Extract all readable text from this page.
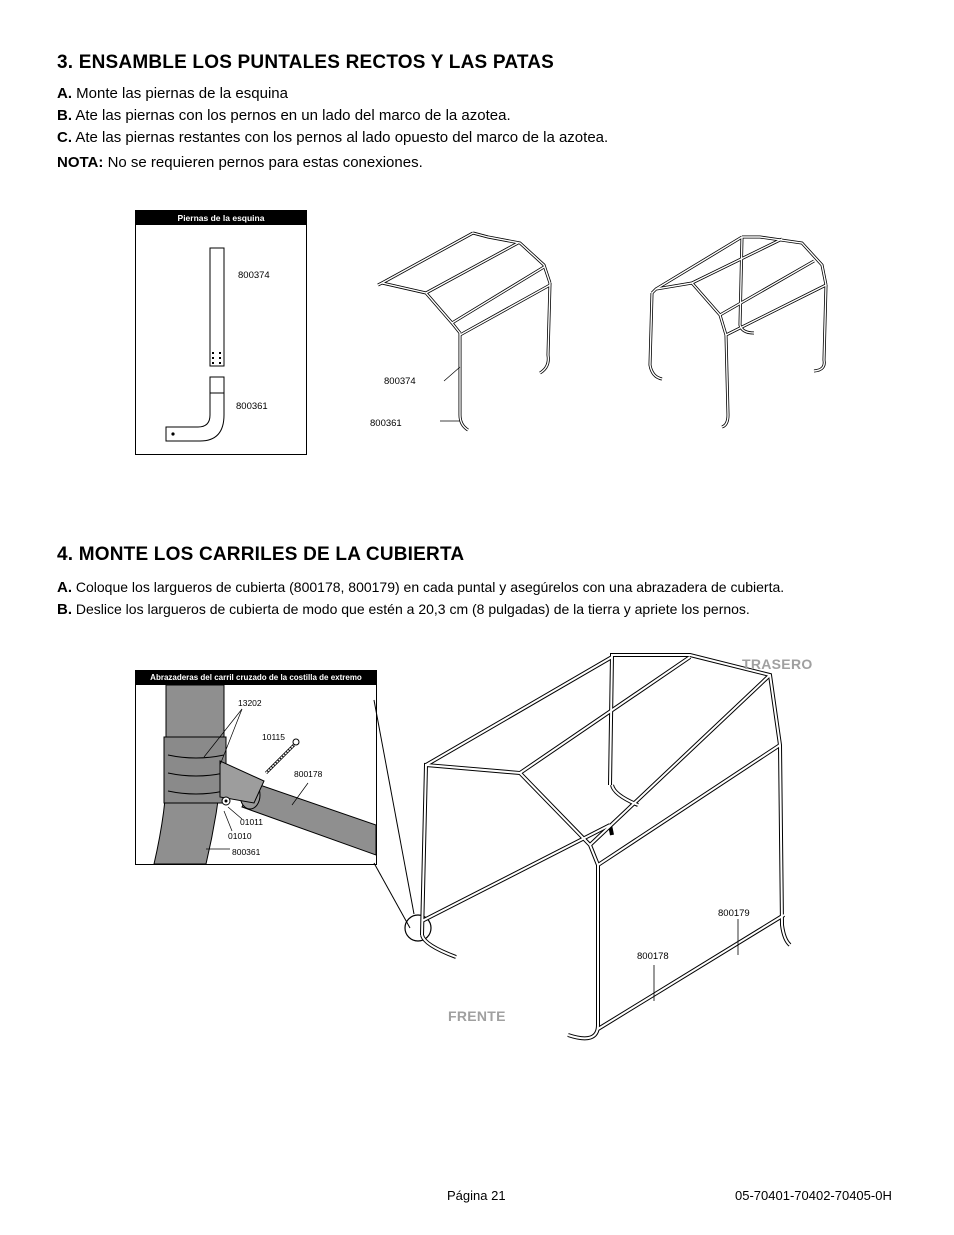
3. ENSAMBLE LOS PUNTALES RECTOS Y LAS PATAS
A. Monte las piernas de la esquina
B. Ate las piernas con los pernos en un lado del marco de la azotea.
C. Ate las piernas restantes con los pernos al lado opuesto del marco de la azotea.
NOTA: No se requieren pernos para estas conexiones.
Piernas de la esquina
800374
800361
800374
800361
4. MONTE LOS CARRILES DE LA CUBIERTA
A. Coloque los largueros de cubierta (800178, 800179) en cada puntal y asegúrelos con una abrazadera de cubierta.
B. Deslice los largueros de cubierta de modo que estén a 20,3 cm (8 pulgadas) de la tierra y apriete los pernos.
Abrazaderas del carril cruzado de la costilla de extremo
13202
10115
800178
01011
01010
800361
TRASERO
FRENTE
800179
800178
Página 21	05-70401-70402-70405-0H
